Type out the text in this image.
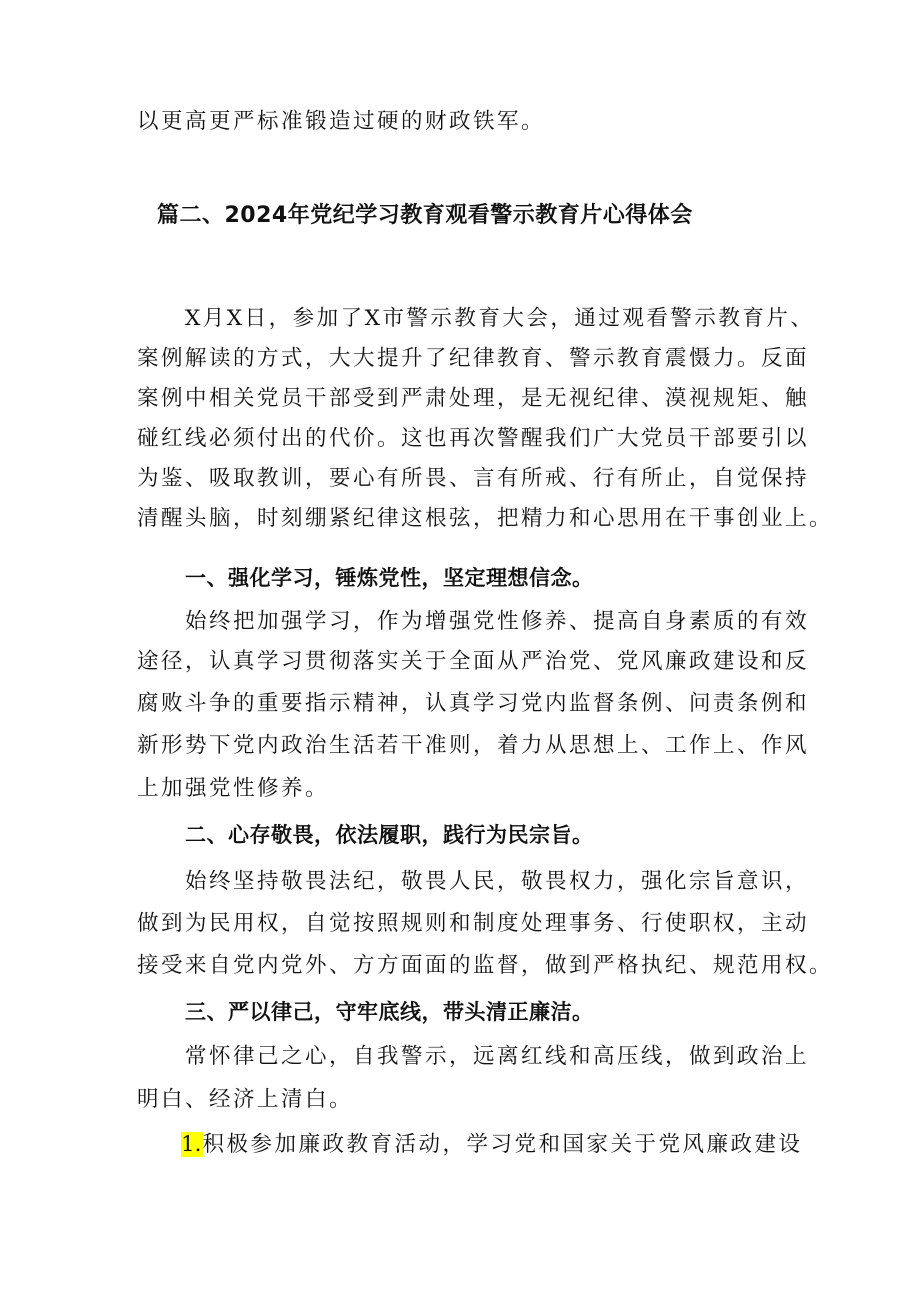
以更高更严标准锻造过硬的财政铁军。
篇二、2024年党纪学习教育观看警示教育片心得体会
X月X日，参加了X市警示教育大会，通过观看警示教育片、
案例解读的方式，大大提升了纪律教育、警示教育震慑力。反面
案例中相关党员干部受到严肃处理，是无视纪律、漠视规矩、触
碰红线必须付出的代价。这也再次警醒我们广大党员干部要引以
为鉴、吸取教训，要心有所畏、言有所戒、行有所止，自觉保持
清醒头脑，时刻绷紧纪律这根弦，把精力和心思用在干事创业上。
一、强化学习，锤炼党性，坚定理想信念。
始终把加强学习，作为增强党性修养、提高自身素质的有效
途径，认真学习贯彻落实关于全面从严治党、党风廉政建设和反
腐败斗争的重要指示精神，认真学习党内监督条例、问责条例和
新形势下党内政治生活若干准则，着力从思想上、工作上、作风
上加强党性修养。
二、心存敬畏，依法履职，践行为民宗旨。
始终坚持敬畏法纪，敬畏人民，敬畏权力，强化宗旨意识，
做到为民用权，自觉按照规则和制度处理事务、行使职权，主动
接受来自党内党外、方方面面的监督，做到严格执纪、规范用权。
三、严以律己，守牢底线，带头清正廉洁。
常怀律己之心，自我警示，远离红线和高压线，做到政治上
明白、经济上清白。
1.积极参加廉政教育活动，学习党和国家关于党风廉政建设
